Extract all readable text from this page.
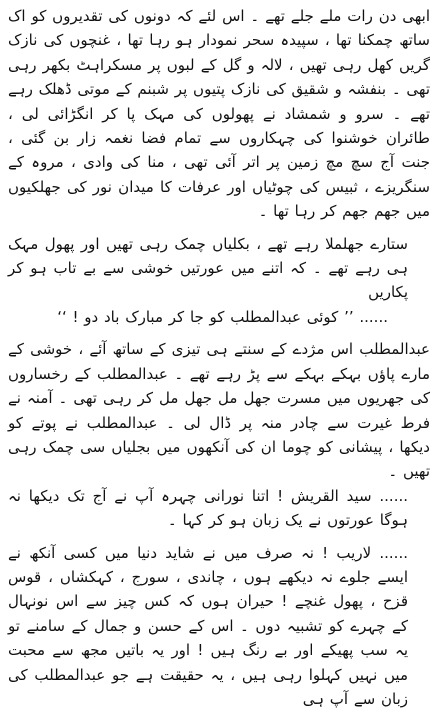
ابھی دن رات ملے جلے تھے ۔ اس لئے کہ دونوں کی تقدیروں کو اک ساتھ چمکنا تھا ، سپیدہ سحر نمودار ہو رہا تھا ، غنچوں کی نازک گریں کھل رہی تھیں ، لالہ و گل کے لبوں پر مسکراہٹ بکھر رہی تھی ۔ بنفشہ و شقیق کی نازک پتیوں پر شبنم کے موتی ڈھلک رہے تھے ۔ سرو و شمشاد نے پھولوں کی مہک پا کر انگڑائی لی ، طائران خوشنوا کی چہکاروں سے تمام فضا نغمہ زار بن گئی ، جنت آج سچ مچ زمین پر اتر آئی تھی ، منا کی وادی ، مروہ کے سنگریزے ، ثبیس کی چوٹیاں اور عرفات کا میدان نور کی جھلکیوں میں جھم جھم کر رہا تھا ۔

ستارے جھلملا رہے تھے ، بکلیاں چمک رہی تھیں اور پھول مہک ہی رہے تھے ۔ کہ اتنے میں عورتیں خوشی سے بے تاب ہو کر پکاریں

...... ’’ کوئی عبدالمطلب کو جا کر مبارک باد دو ! ‘‘

عبدالمطلب اس مژدے کے سنتے ہی تیزی کے ساتھ آئے ، خوشی کے مارے پاؤں بہکے بہکے سے پڑ رہے تھے ۔ عبدالمطلب کے رخساروں کی جھریوں میں مسرت جھل مل جھل مل کر رہی تھی ۔ آمنہ نے فرط غیرت سے چادر منہ پر ڈال لی ۔ عبدالمطلب نے پوتے کو دیکھا ، پیشانی کو چوما ان کی آنکھوں میں بجلیاں سی چمک رہی تھیں ۔

...... سید القریش ! اتنا نورانی چہرہ آپ نے آج تک دیکھا نہ ہوگا عورتوں نے یک زبان ہو کر کہا ۔

...... لاریب ! نہ صرف میں نے شاید دنیا میں کسی آنکھ نے ایسے جلوے نہ دیکھے ہوں ، چاندی ، سورج ، کہکشاں ، قوس قزح ، پھول غنچے ! حیران ہوں کہ کس چیز سے اس نونہال کے چہرے کو تشبیہ دوں ۔ اس کے حسن و جمال کے سامنے تو یہ سب پھیکے اور بے رنگ ہیں ! اور یہ باتیں مجھ سے محبت میں نہیں کہلوا رہی ہیں ، یہ حقیقت ہے جو عبدالمطلب کی زبان سے آپ ہی
